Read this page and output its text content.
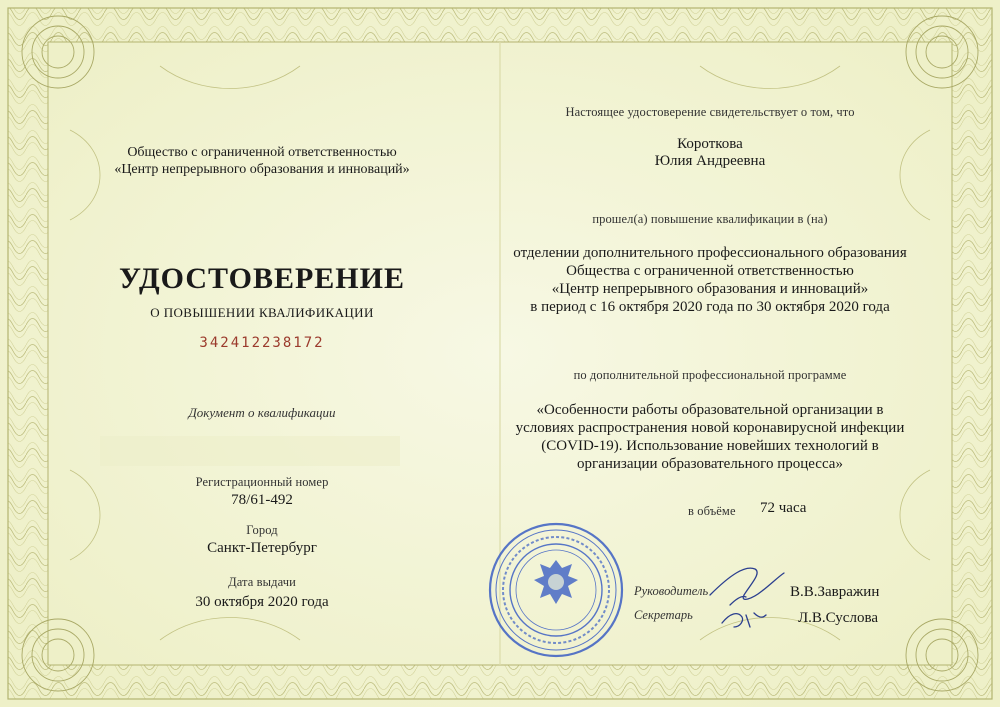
Общество с ограниченной ответственностью
«Центр непрерывного образования и инноваций»
УДОСТОВЕРЕНИЕ
О ПОВЫШЕНИИ КВАЛИФИКАЦИИ
342412238172
Документ о квалификации
Регистрационный номер
78/61-492
Город
Санкт-Петербург
Дата выдачи
30 октября 2020 года
Настоящее удостоверение свидетельствует о том, что
Короткова
Юлия Андреевна
прошел(а) повышение квалификации в (на)
отделении дополнительного профессионального образования
Общества с ограниченной ответственностью
«Центр непрерывного образования и инноваций»
в период с 16 октября 2020 года по 30 октября 2020 года
по дополнительной профессиональной программе
«Особенности работы образовательной организации в
условиях распространения новой коронавирусной инфекции
(COVID-19). Использование новейших технологий в
организации образовательного процесса»
в объёме 72 часа
Руководитель	В.В.Завражин
Секретарь	Л.В.Суслова
